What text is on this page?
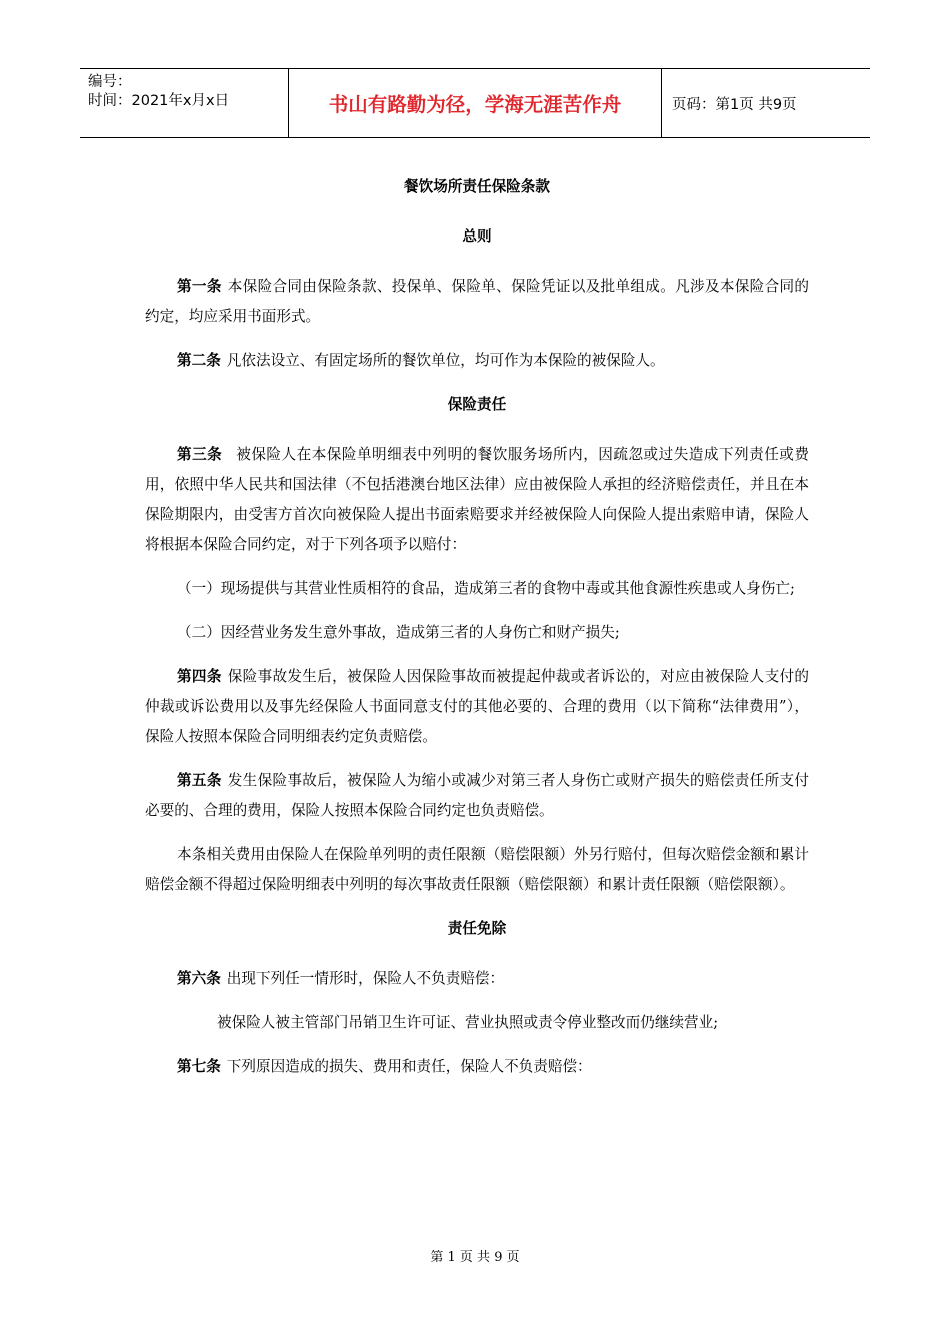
编号：
时间：2021年x月x日	书山有路勤为径，学海无涯苦作舟	页码：第1页 共9页
餐饮场所责任保险条款
总则

第一条 本保险合同由保险条款、投保单、保险单、保险凭证以及批单组成。凡涉及本保险合同的约定，均应采用书面形式。

第二条 凡依法设立、有固定场所的餐饮单位，均可作为本保险的被保险人。

保险责任

第三条 被保险人在本保险单明细表中列明的餐饮服务场所内，因疏忽或过失造成下列责任或费用，依照中华人民共和国法律（不包括港澳台地区法律）应由被保险人承担的经济赔偿责任，并且在本保险期限内，由受害方首次向被保险人提出书面索赔要求并经被保险人向保险人提出索赔申请，保险人将根据本保险合同约定，对于下列各项予以赔付：

（一）现场提供与其营业性质相符的食品，造成第三者的食物中毒或其他食源性疾患或人身伤亡;

（二）因经营业务发生意外事故，造成第三者的人身伤亡和财产损失;

第四条 保险事故发生后，被保险人因保险事故而被提起仲裁或者诉讼的，对应由被保险人支付的仲裁或诉讼费用以及事先经保险人书面同意支付的其他必要的、合理的费用（以下简称“法律费用”），保险人按照本保险合同明细表约定负责赔偿。

第五条 发生保险事故后，被保险人为缩小或减少对第三者人身伤亡或财产损失的赔偿责任所支付必要的、合理的费用，保险人按照本保险合同约定也负责赔偿。

本条相关费用由保险人在保险单列明的责任限额（赔偿限额）外另行赔付，但每次赔偿金额和累计赔偿金额不得超过保险明细表中列明的每次事故责任限额（赔偿限额）和累计责任限额（赔偿限额）。

责任免除

第六条 出现下列任一情形时，保险人不负责赔偿：

被保险人被主管部门吊销卫生许可证、营业执照或责令停业整改而仍继续营业;

第七条 下列原因造成的损失、费用和责任，保险人不负责赔偿：

第 1 页 共 9 页
